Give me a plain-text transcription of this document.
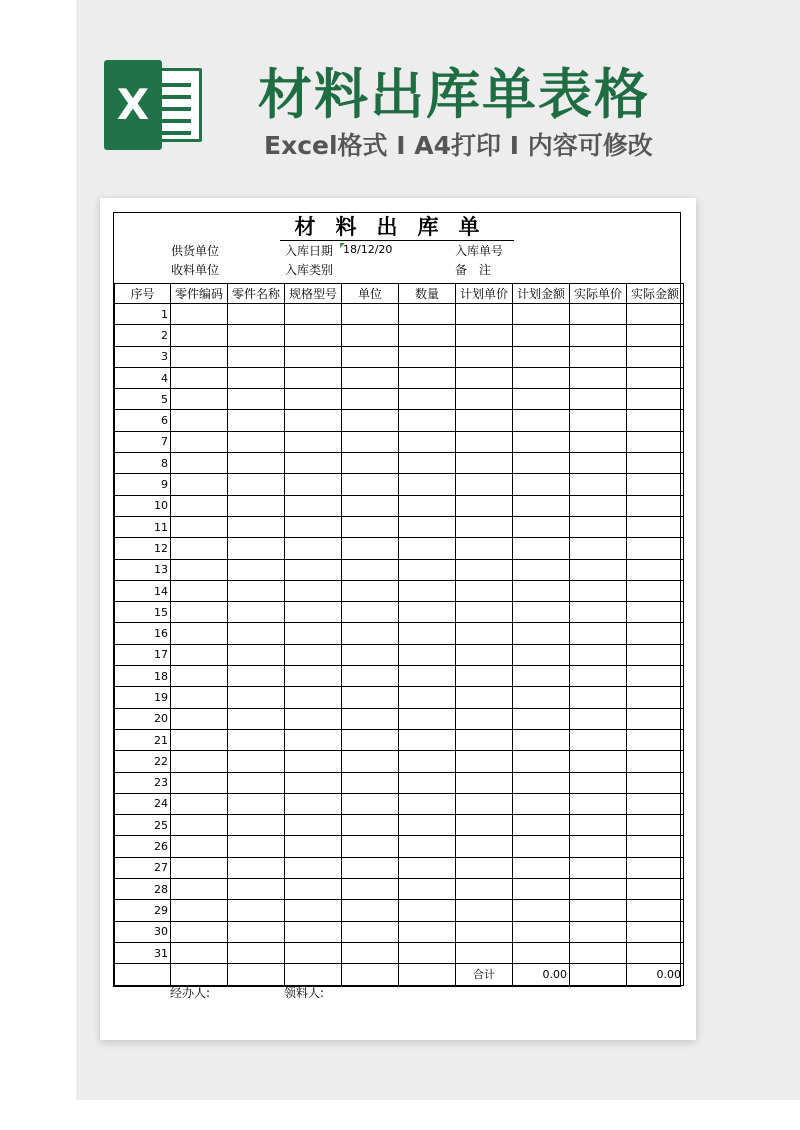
X 材料出库单表格
Excel格式 I A4打印 I 内容可修改
材料出库单
供货单位
收料单位
入库日期 18/12/20
入库类别
入库单号
备　注
序号	零件编码	零件名称	规格型号	单位	数量	计划单价	计划金额	实际单价	实际金额
1									
2									
3									
4									
5									
6									
7									
8									
9									
10									
11									
12									
13									
14									
15									
16									
17									
18									
19									
20									
21									
22									
23									
24									
25									
26									
27									
28									
29									
30									
31									
						合计	0.00		0.00
经办人:	领料人:
